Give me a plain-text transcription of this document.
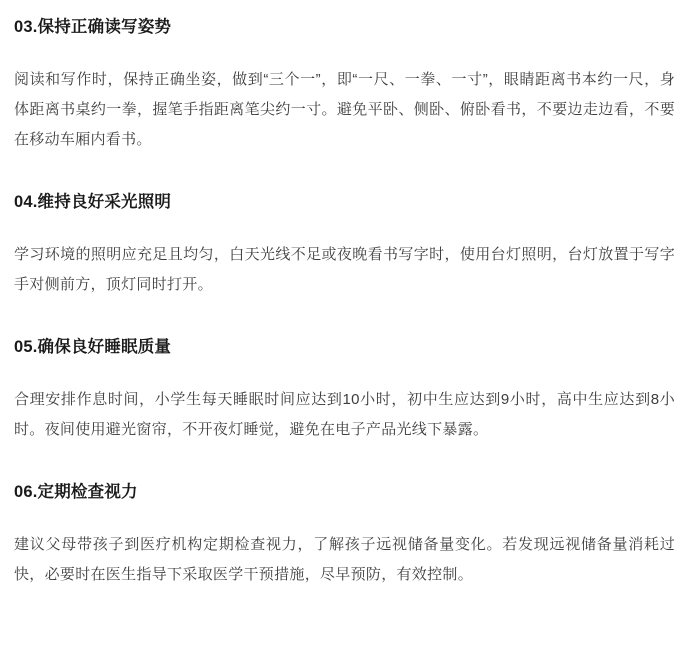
03.保持正确读写姿势

阅读和写作时，保持正确坐姿，做到“三个一”，即“一尺、一拳、一寸”，眼睛距离书本约一尺，身体距离书桌约一拳，握笔手指距离笔尖约一寸。避免平卧、侧卧、俯卧看书，不要边走边看，不要在移动车厢内看书。

04.维持良好采光照明

学习环境的照明应充足且均匀，白天光线不足或夜晚看书写字时，使用台灯照明，台灯放置于写字手对侧前方，顶灯同时打开。

05.确保良好睡眠质量

合理安排作息时间，小学生每天睡眠时间应达到10小时，初中生应达到9小时，高中生应达到8小时。夜间使用避光窗帘，不开夜灯睡觉，避免在电子产品光线下暴露。

06.定期检查视力

建议父母带孩子到医疗机构定期检查视力，了解孩子远视储备量变化。若发现远视储备量消耗过快，必要时在医生指导下采取医学干预措施，尽早预防，有效控制。
